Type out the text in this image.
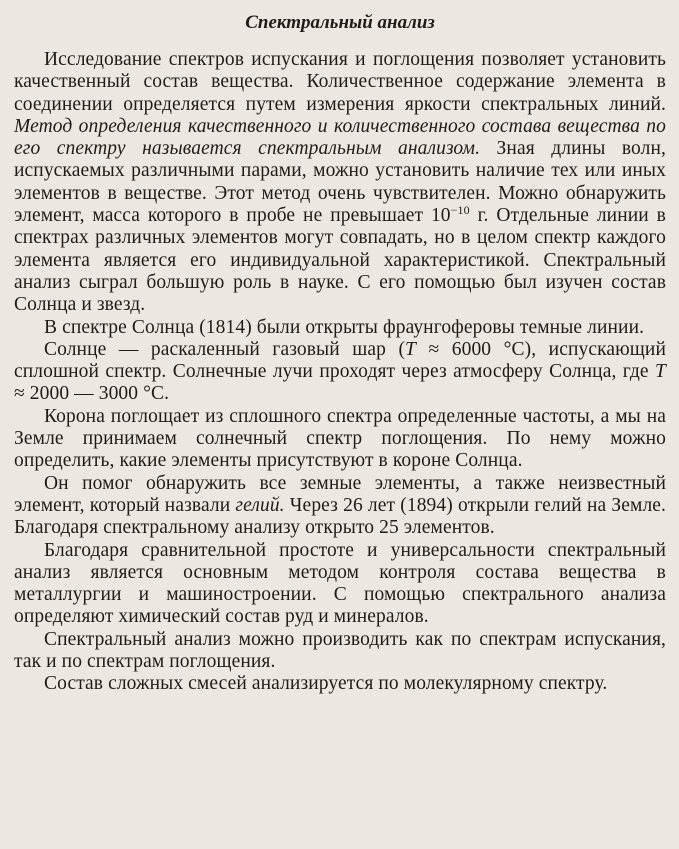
Спектральный анализ

Исследование спектров испускания и поглощения позволяет установить качественный состав вещества. Количественное содержание элемента в соединении определяется путем измерения яркости спектральных линий. Метод определения качественного и количественного состава вещества по его спектру называется спектральным анализом. Зная длины волн, испускаемых различными парами, можно установить наличие тех или иных элементов в веществе. Этот метод очень чувствителен. Можно обнаружить элемент, масса которого в пробе не превышает $10^{-10}$ г. Отдельные линии в спектрах различных элементов могут совпадать, но в целом спектр каждого элемента является его индивидуальной характеристикой. Спектральный анализ сыграл большую роль в науке. С его помощью был изучен состав Солнца и звезд.

В спектре Солнца (1814) были открыты фраунгоферовы темные линии.

Солнце — раскаленный газовый шар (T ≈ 6000 °C), испускающий сплошной спектр. Солнечные лучи проходят через атмосферу Солнца, где T ≈ 2000 — 3000 °C.

Корона поглощает из сплошного спектра определенные частоты, а мы на Земле принимаем солнечный спектр поглощения. По нему можно определить, какие элементы присутствуют в короне Солнца.

Он помог обнаружить все земные элементы, а также неизвестный элемент, который назвали гелий. Через 26 лет (1894) открыли гелий на Земле. Благодаря спектральному анализу открыто 25 элементов.

Благодаря сравнительной простоте и универсальности спектральный анализ является основным методом контроля состава вещества в металлургии и машиностроении. С помощью спектрального анализа определяют химический состав руд и минералов.

Спектральный анализ можно производить как по спектрам испускания, так и по спектрам поглощения.

Состав сложных смесей анализируется по молекулярному спектру.
